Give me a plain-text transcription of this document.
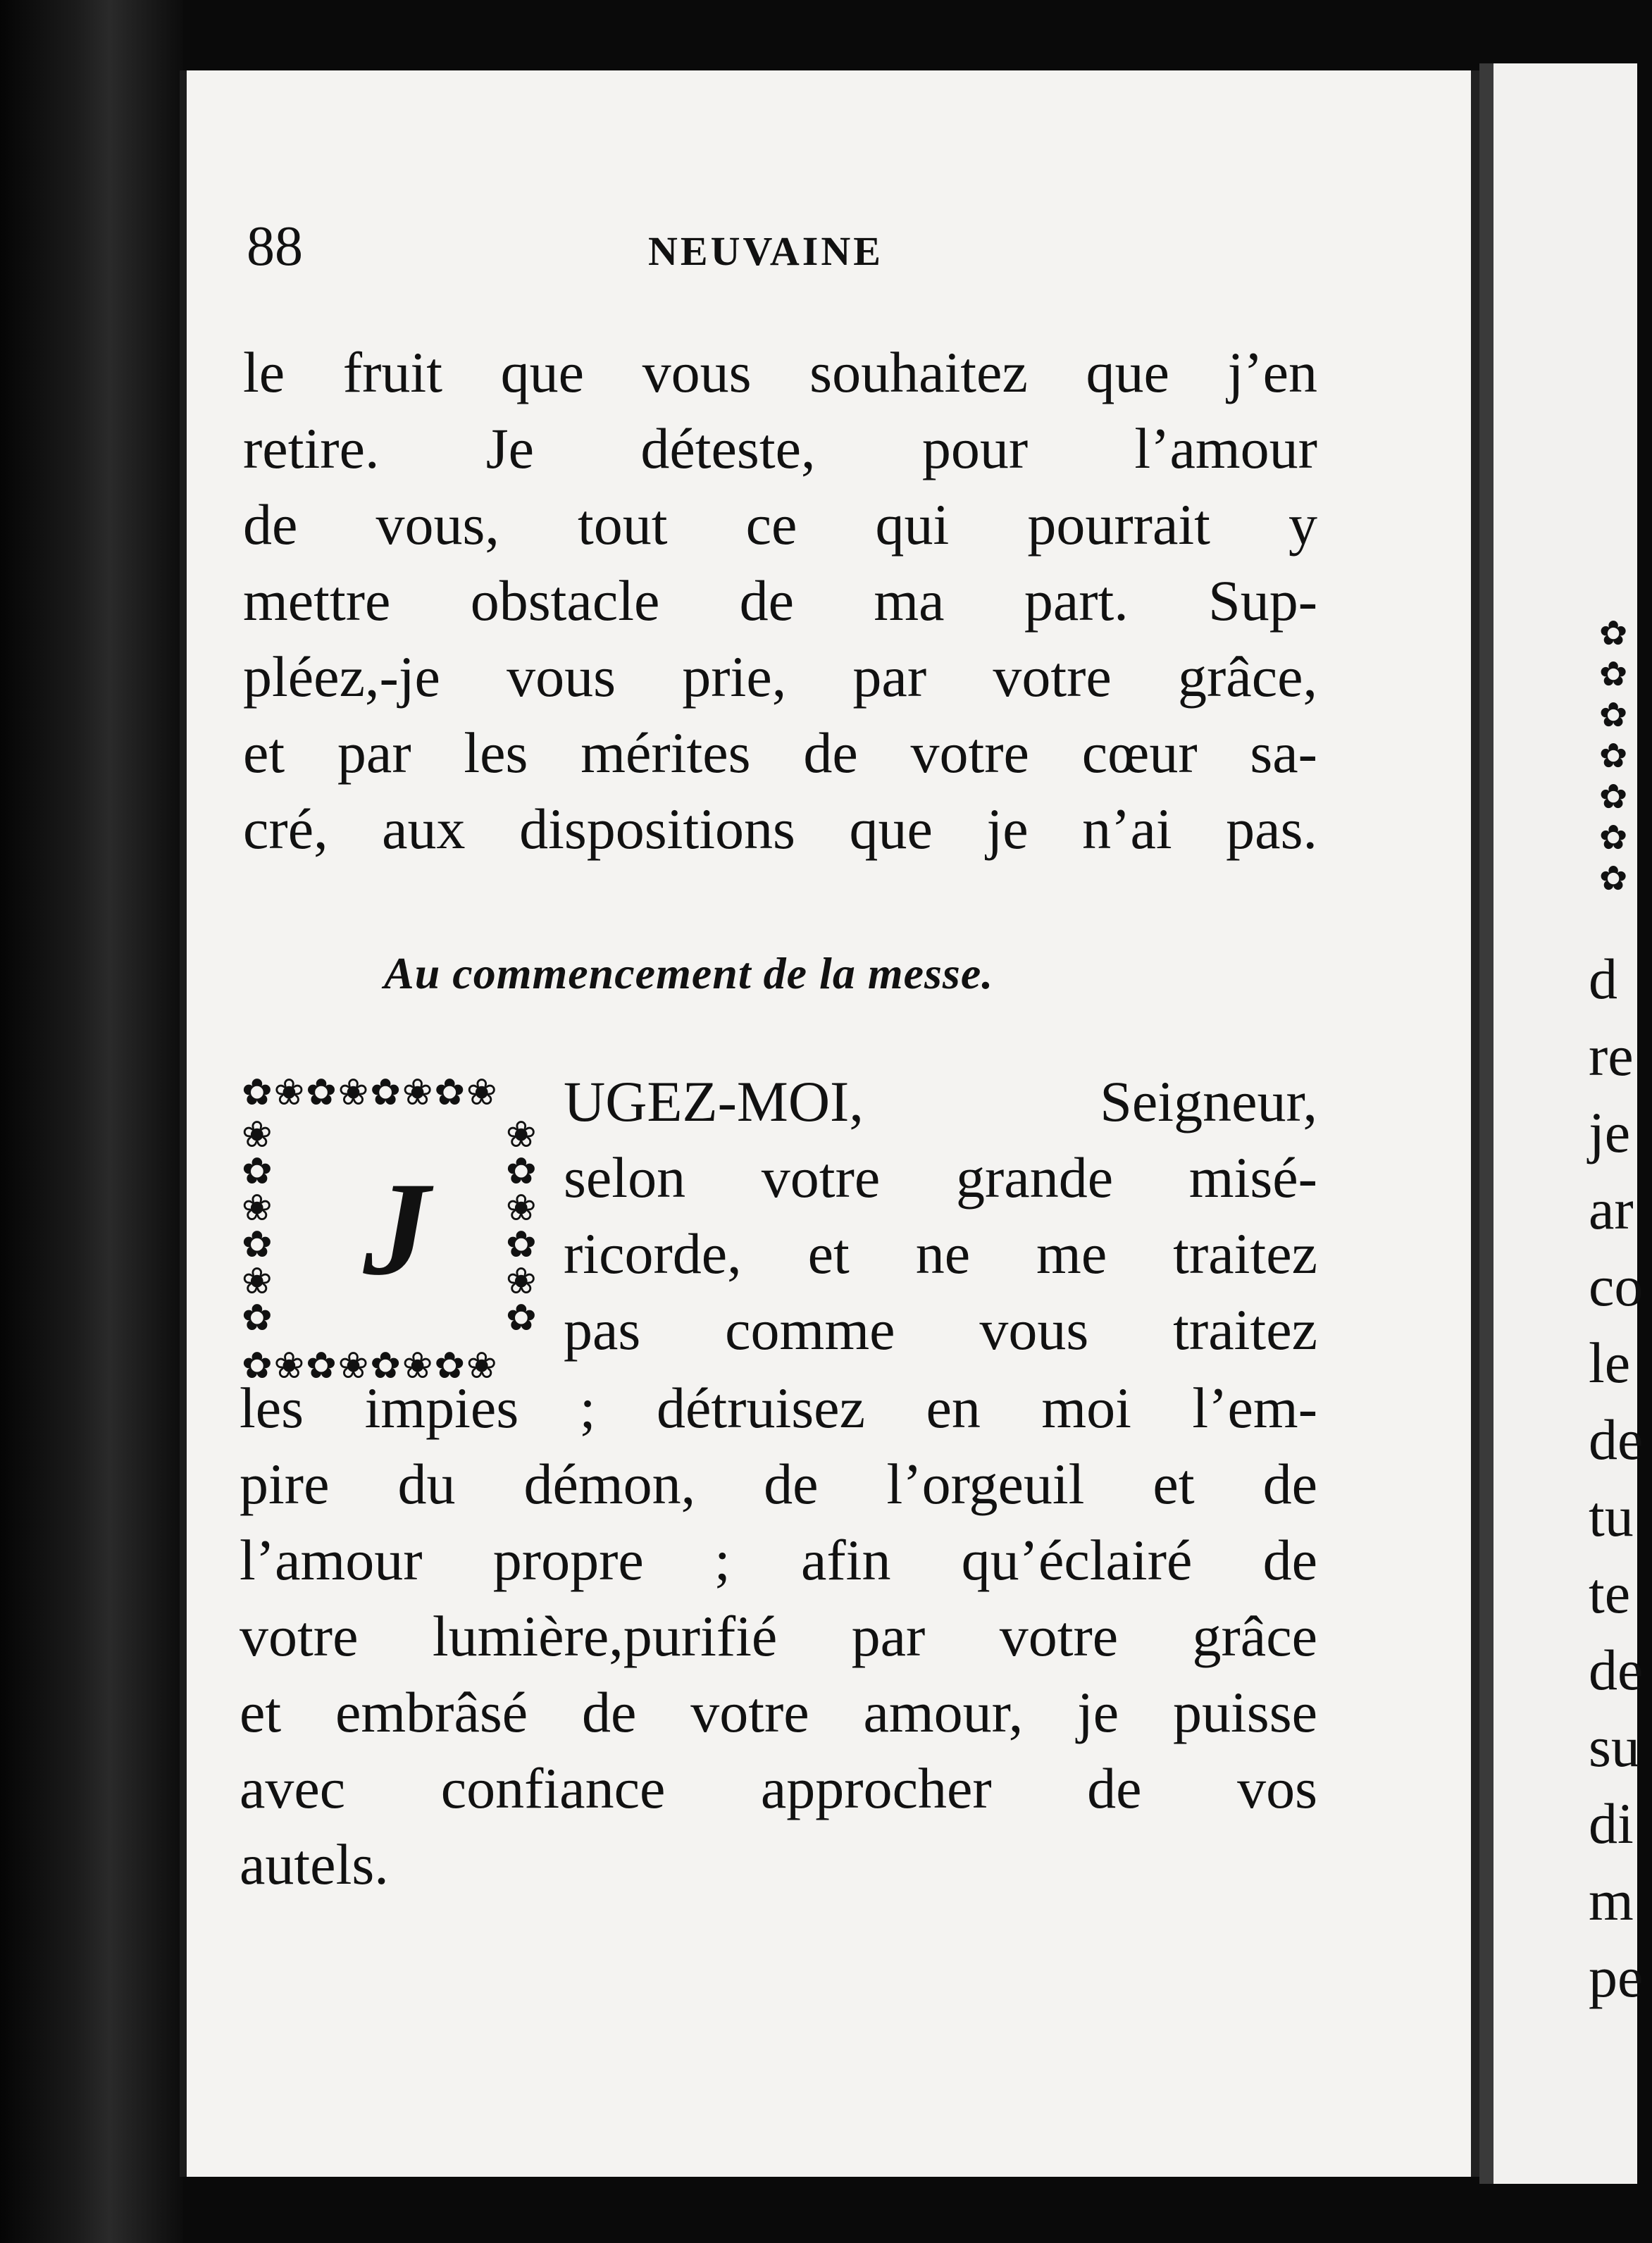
✿
✿
✿
✿
✿
✿
✿
d
re
je
ar
co
le
de
tu
te
de
su
di
m
pe
88	NEUVAINE
le fruit que vous souhaitez que j’en
retire. Je déteste, pour l’amour
de vous, tout ce qui pourrait y
mettre obstacle de ma part. Sup-
pléez,-je vous prie, par votre grâce,
et par les mérites de votre cœur sa-
cré, aux dispositions que je n’ai pas.
Au commencement de la messe.
✿❀✿❀✿❀✿❀
✿❀✿❀✿❀✿❀
❀
✿
❀
✿
❀
✿
❀
✿
❀
✿
❀
✿
J
UGEZ-MOI, Seigneur,
selon votre grande misé-
ricorde, et ne me traitez
pas comme vous traitez
les impies ; détruisez en moi l’em-
pire du démon, de l’orgeuil et de
l’amour propre ; afin qu’éclairé de
votre lumière,purifié par votre grâce
et embrâsé de votre amour, je puisse
avec confiance approcher de vos
autels.
